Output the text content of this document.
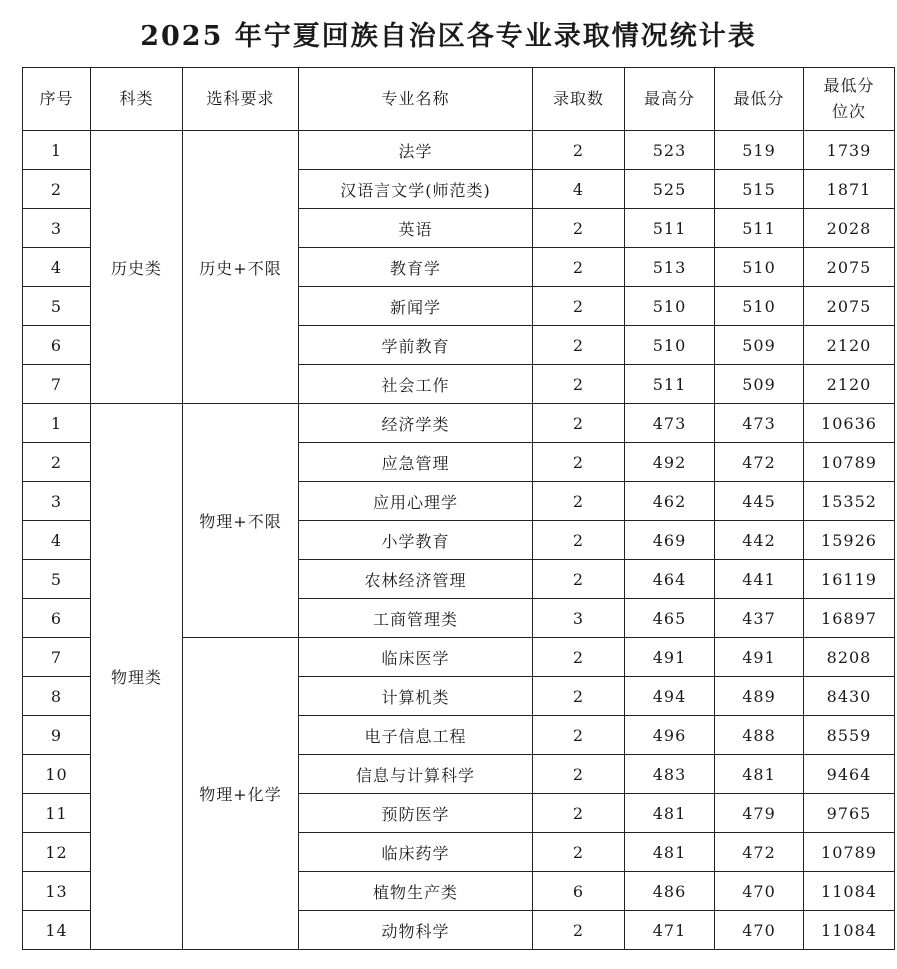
2025 年宁夏回族自治区各专业录取情况统计表
序号	科类	选科要求	专业名称	录取数	最高分	最低分	最低分位次
1	历史类	历史+不限	法学	2	523	519	1739
2			汉语言文学(师范类)	4	525	515	1871
3			英语	2	511	511	2028
4			教育学	2	513	510	2075
5			新闻学	2	510	510	2075
6			学前教育	2	510	509	2120
7			社会工作	2	511	509	2120
1	物理类	物理+不限	经济学类	2	473	473	10636
2			应急管理	2	492	472	10789
3			应用心理学	2	462	445	15352
4			小学教育	2	469	442	15926
5			农林经济管理	2	464	441	16119
6			工商管理类	3	465	437	16897
7		物理+化学	临床医学	2	491	491	8208
8			计算机类	2	494	489	8430
9			电子信息工程	2	496	488	8559
10			信息与计算科学	2	483	481	9464
11			预防医学	2	481	479	9765
12			临床药学	2	481	472	10789
13			植物生产类	6	486	470	11084
14			动物科学	2	471	470	11084
